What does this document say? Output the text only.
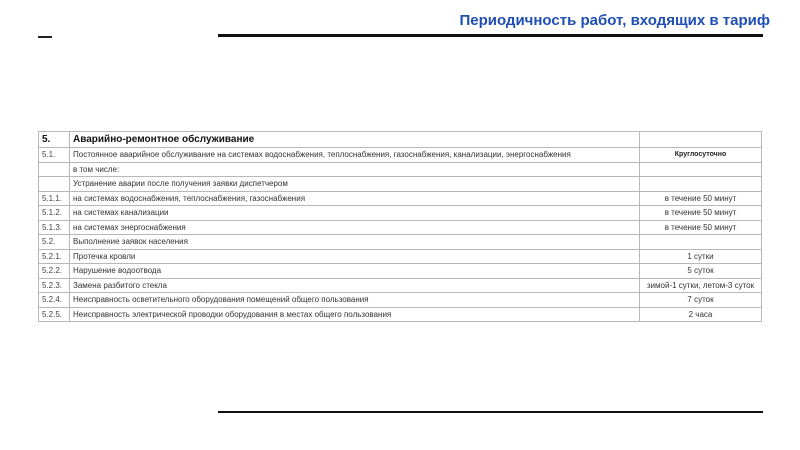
Периодичность работ, входящих в тариф
5.	Аварийно-ремонтное обслуживание	
5.1.	Постоянное аварийное обслуживание на системах водоснабжения, теплоснабжения, газоснабжения, канализации, энергоснабжения	Круглосуточно
	в том числе:	
	Устранение аварии после получения заявки диспетчером	
5.1.1.	на системах водоснабжения, теплоснабжения, газоснабжения	в течение 50 минут
5.1.2.	на системах канализации	в течение 50 минут
5.1.3.	на системах энергоснабжения	в течение 50 минут
5.2.	Выполнение заявок населения	
5.2.1.	Протечка кровли	1 сутки
5.2.2.	Нарушение водоотвода	5 суток
5.2.3.	Замена разбитого стекла	зимой-1 сутки, летом-3 суток
5.2.4.	Неисправность осветительного оборудования помещений общего пользования	7 суток
5.2.5.	Неисправность электрической проводки оборудования в местах общего пользования	2 часа
